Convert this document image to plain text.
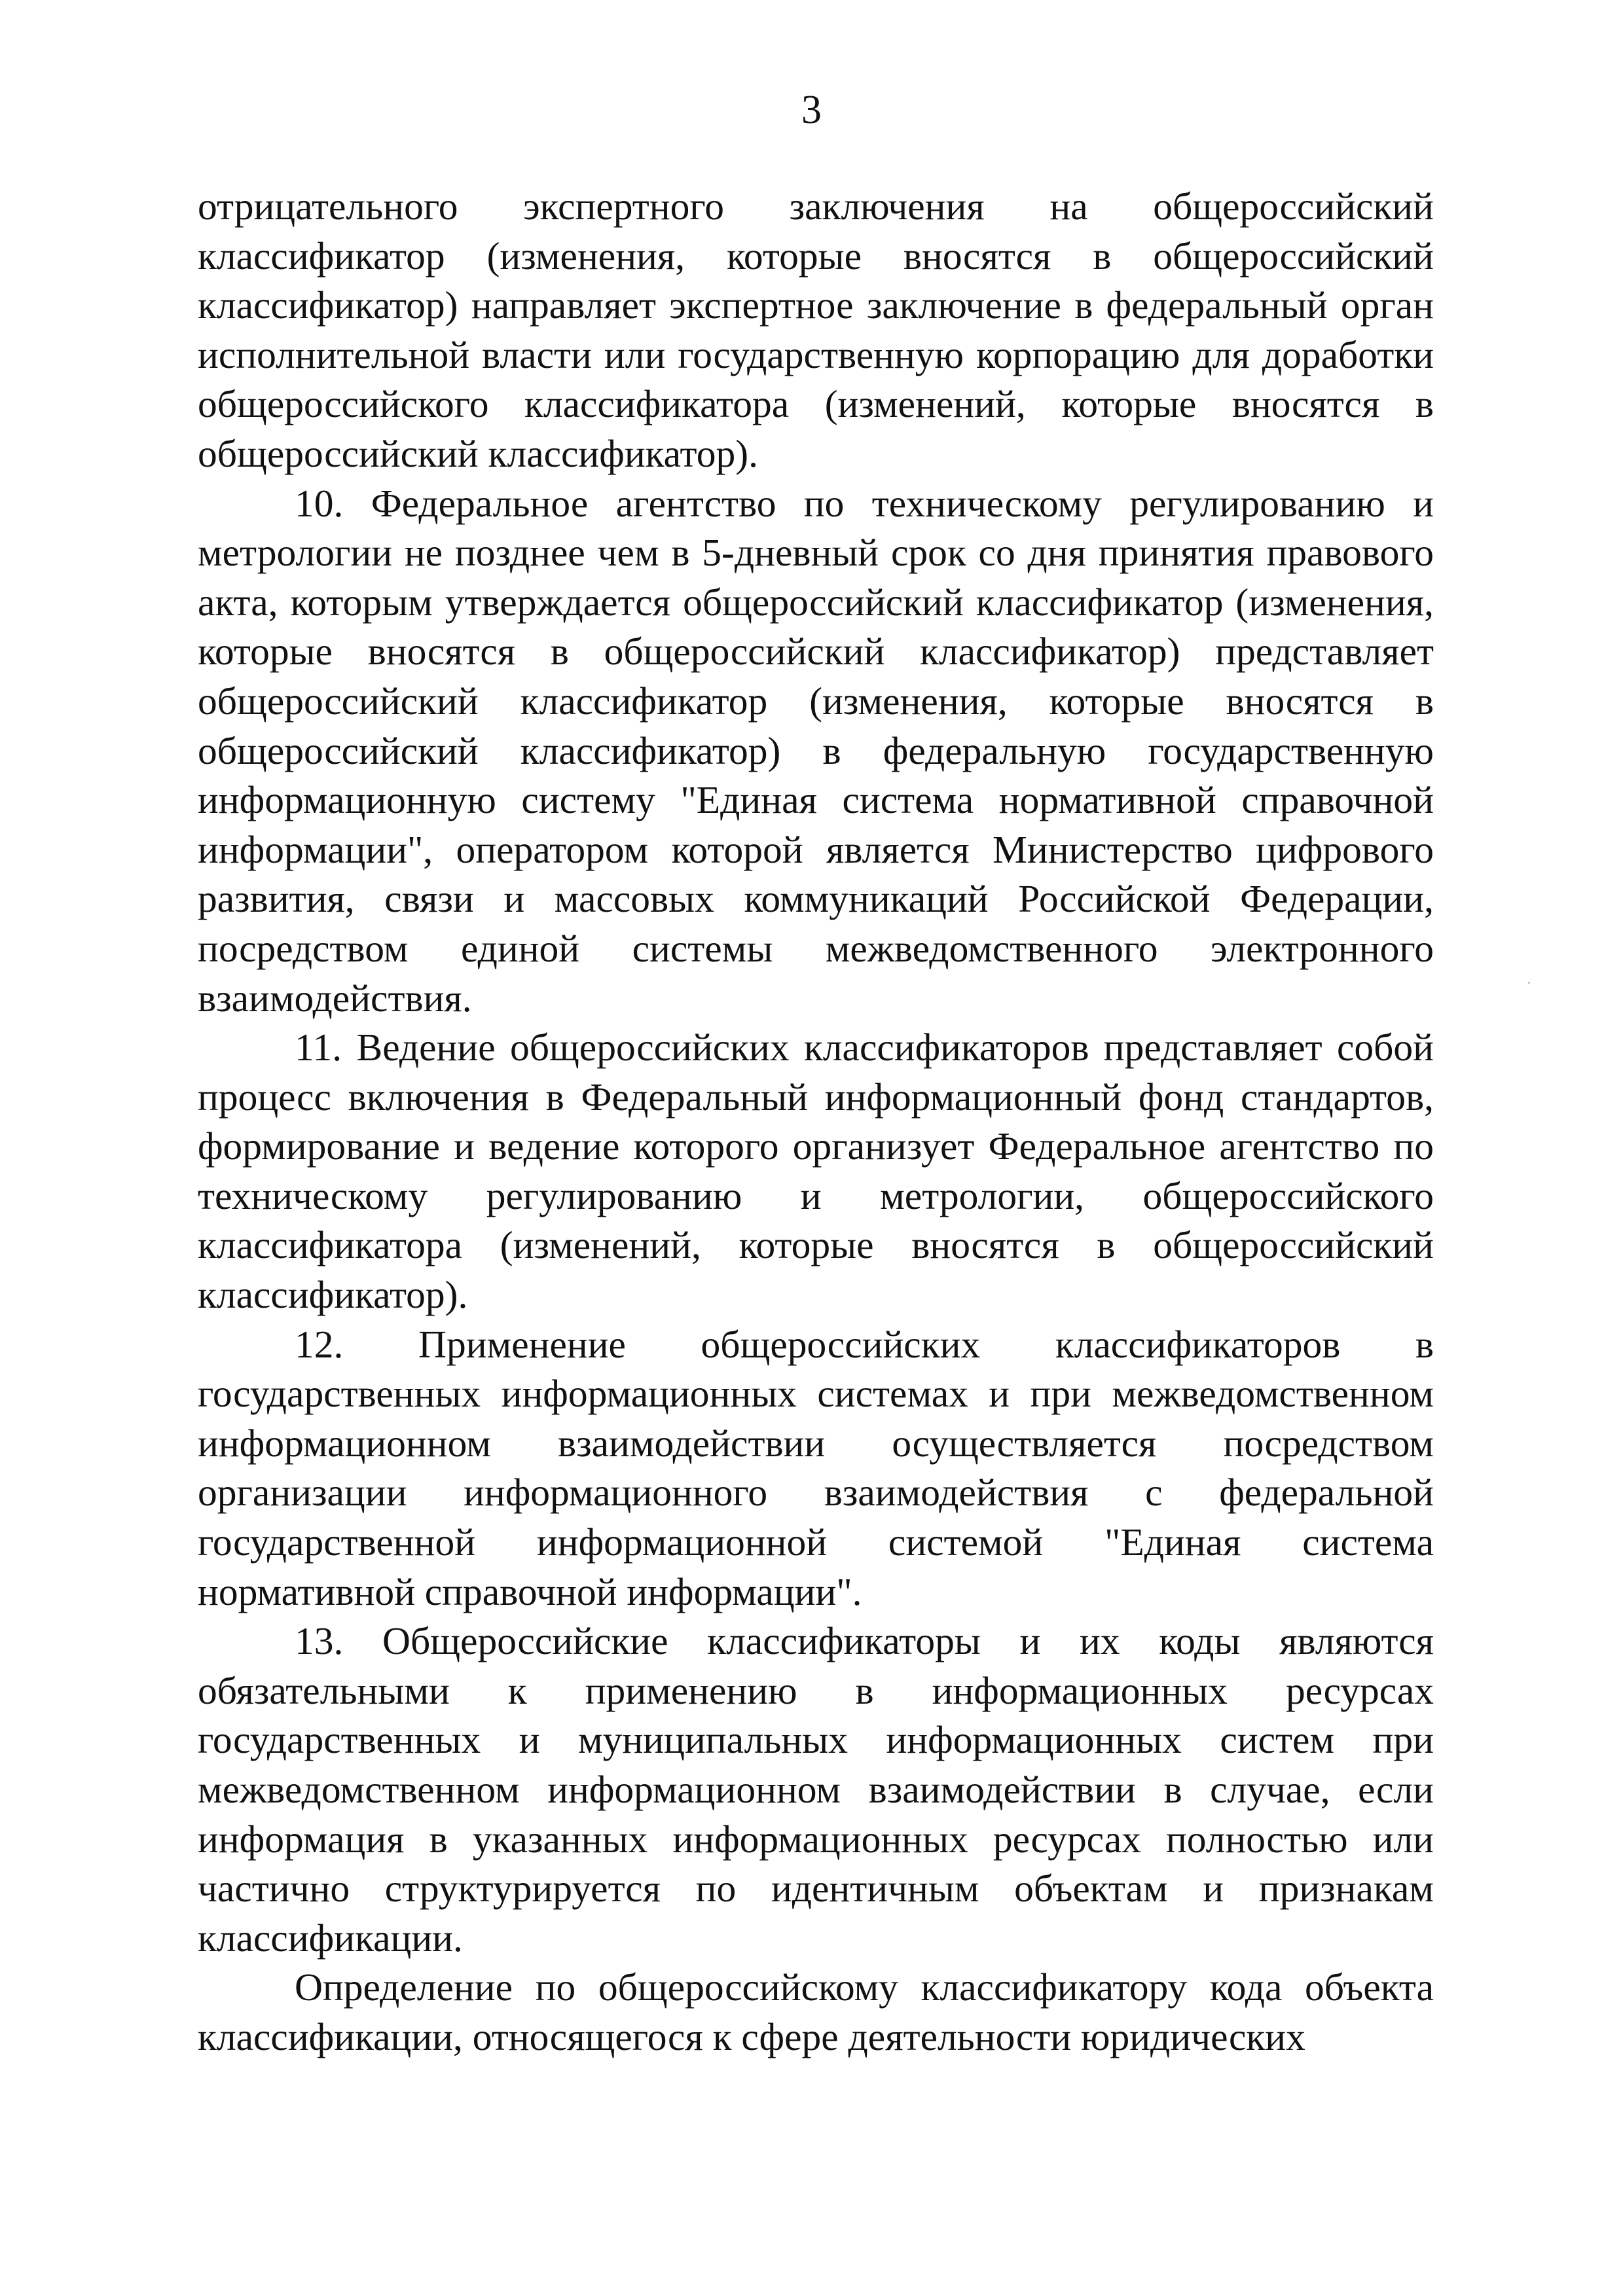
3

отрицательного экспертного заключения на общероссийский классификатор (изменения, которые вносятся в общероссийский классификатор) направляет экспертное заключение в федеральный орган исполнительной власти или государственную корпорацию для доработки общероссийского классификатора (изменений, которые вносятся в общероссийский классификатор).

10. Федеральное агентство по техническому регулированию и метрологии не позднее чем в 5-дневный срок со дня принятия правового акта, которым утверждается общероссийский классификатор (изменения, которые вносятся в общероссийский классификатор) представляет общероссийский классификатор (изменения, которые вносятся в общероссийский классификатор) в федеральную государственную информационную систему "Единая система нормативной справочной информации", оператором которой является Министерство цифрового развития, связи и массовых коммуникаций Российской Федерации, посредством единой системы межведомственного электронного взаимодействия.

11. Ведение общероссийских классификаторов представляет собой процесс включения в Федеральный информационный фонд стандартов, формирование и ведение которого организует Федеральное агентство по техническому регулированию и метрологии, общероссийского классификатора (изменений, которые вносятся в общероссийский классификатор).

12. Применение общероссийских классификаторов в государственных информационных системах и при межведомственном информационном взаимодействии осуществляется посредством организации информационного взаимодействия с федеральной государственной информационной системой "Единая система нормативной справочной информации".

13. Общероссийские классификаторы и их коды являются обязательными к применению в информационных ресурсах государственных и муниципальных информационных систем при межведомственном информационном взаимодействии в случае, если информация в указанных информационных ресурсах полностью или частично структурируется по идентичным объектам и признакам классификации.

Определение по общероссийскому классификатору кода объекта классификации, относящегося к сфере деятельности юридических
